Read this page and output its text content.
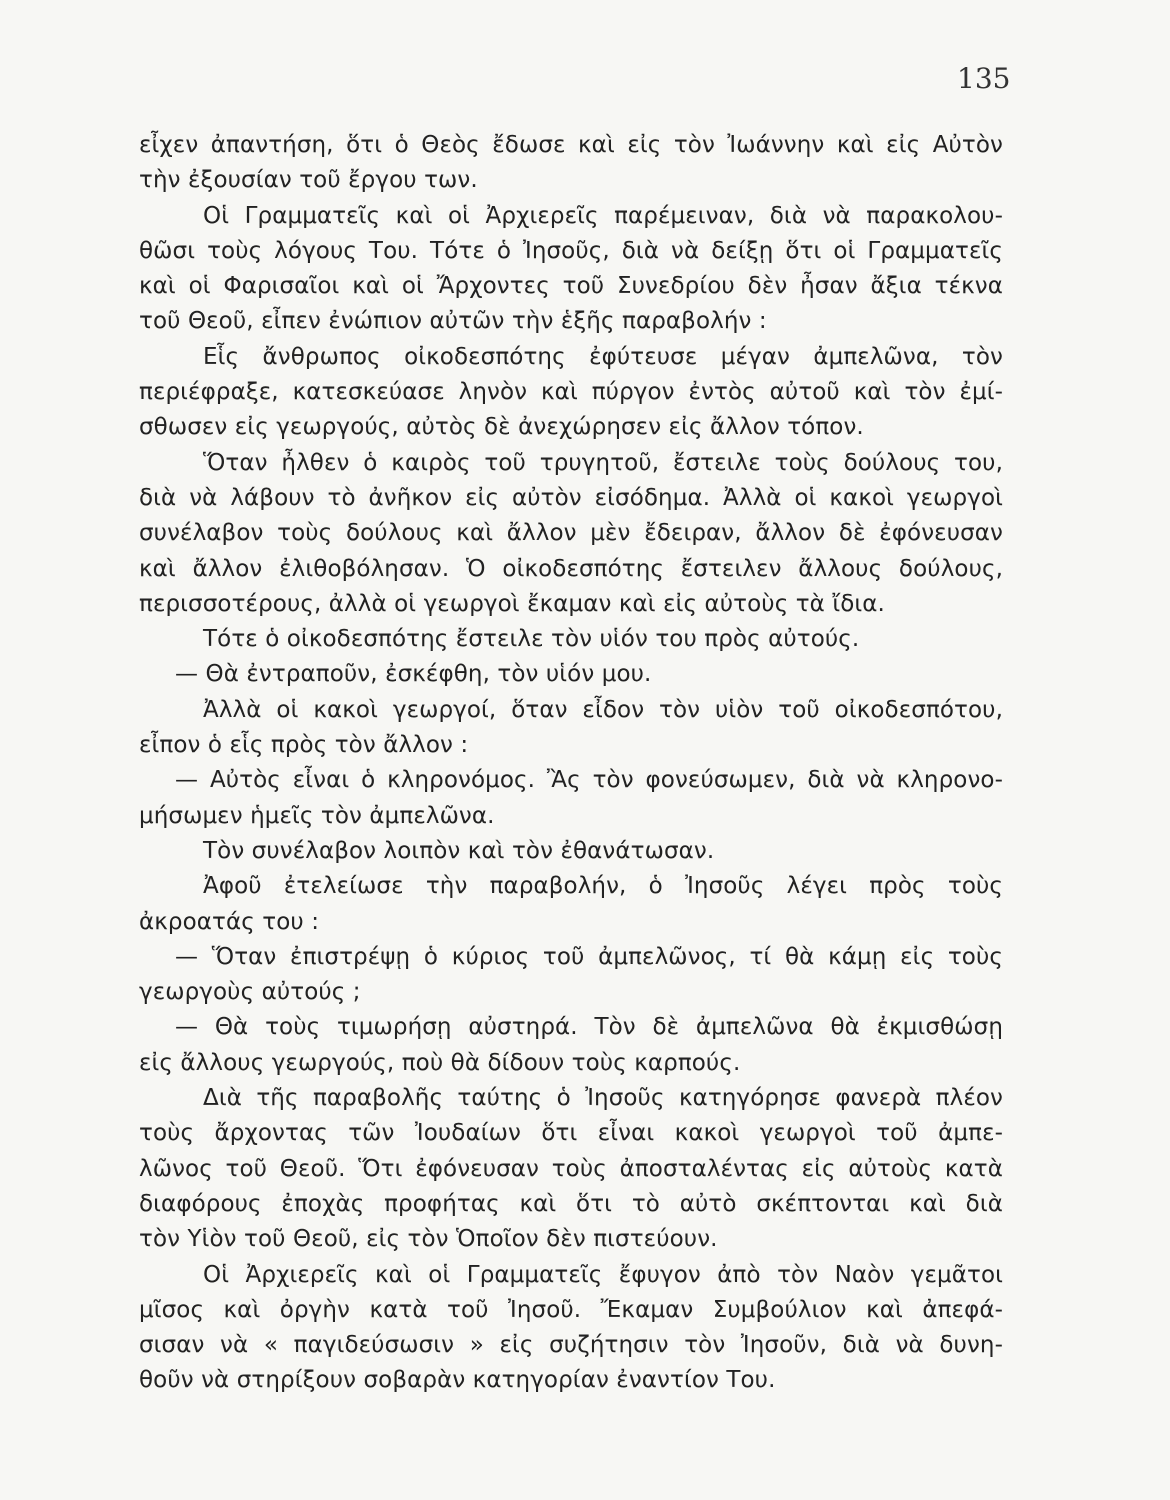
135
εἶχεν ἀπαντήση, ὅτι ὁ Θεὸς ἔδωσε καὶ εἰς τὸν Ἰωάννην καὶ εἰς Αὐτὸν
τὴν ἐξουσίαν τοῦ ἔργου των.
Οἱ Γραμματεῖς καὶ οἱ Ἀρχιερεῖς παρέμειναν, διὰ νὰ παρακολου-
θῶσι τοὺς λόγους Του. Τότε ὁ Ἰησοῦς, διὰ νὰ δείξῃ ὅτι οἱ Γραμματεῖς
καὶ οἱ Φαρισαῖοι καὶ οἱ Ἄρχοντες τοῦ Συνεδρίου δὲν ἦσαν ἄξια τέκνα
τοῦ Θεοῦ, εἶπεν ἐνώπιον αὐτῶν τὴν ἑξῆς παραβολήν :
Εἷς ἄνθρωπος οἰκοδεσπότης ἐφύτευσε μέγαν ἀμπελῶνα, τὸν
περιέφραξε, κατεσκεύασε ληνὸν καὶ πύργον ἐντὸς αὐτοῦ καὶ τὸν ἐμί-
σθωσεν εἰς γεωργούς, αὐτὸς δὲ ἀνεχώρησεν εἰς ἄλλον τόπον.
Ὅταν ἦλθεν ὁ καιρὸς τοῦ τρυγητοῦ, ἔστειλε τοὺς δούλους του,
διὰ νὰ λάβουν τὸ ἀνῆκον εἰς αὐτὸν εἰσόδημα. Ἀλλὰ οἱ κακοὶ γεωργοὶ
συνέλαβον τοὺς δούλους καὶ ἄλλον μὲν ἔδειραν, ἄλλον δὲ ἐφόνευσαν
καὶ ἄλλον ἐλιθοβόλησαν. Ὁ οἰκοδεσπότης ἔστειλεν ἄλλους δούλους,
περισσοτέρους, ἀλλὰ οἱ γεωργοὶ ἔκαμαν καὶ εἰς αὐτοὺς τὰ ἴδια.
Τότε ὁ οἰκοδεσπότης ἔστειλε τὸν υἱόν του πρὸς αὐτούς.
— Θὰ ἐντραποῦν, ἐσκέφθη, τὸν υἱόν μου.
Ἀλλὰ οἱ κακοὶ γεωργοί, ὅταν εἶδον τὸν υἱὸν τοῦ οἰκοδεσπότου,
εἶπον ὁ εἷς πρὸς τὸν ἄλλον :
— Αὐτὸς εἶναι ὁ κληρονόμος. Ἂς τὸν φονεύσωμεν, διὰ νὰ κληρονο-
μήσωμεν ἡμεῖς τὸν ἀμπελῶνα.
Τὸν συνέλαβον λοιπὸν καὶ τὸν ἐθανάτωσαν.
Ἀφοῦ ἐτελείωσε τὴν παραβολήν, ὁ Ἰησοῦς λέγει πρὸς τοὺς
ἀκροατάς του :
— Ὅταν ἐπιστρέψῃ ὁ κύριος τοῦ ἀμπελῶνος, τί θὰ κάμῃ εἰς τοὺς
γεωργοὺς αὐτούς ;
— Θὰ τοὺς τιμωρήσῃ αὐστηρά. Τὸν δὲ ἀμπελῶνα θὰ ἐκμισθώσῃ
εἰς ἄλλους γεωργούς, ποὺ θὰ δίδουν τοὺς καρπούς.
Διὰ τῆς παραβολῆς ταύτης ὁ Ἰησοῦς κατηγόρησε φανερὰ πλέον
τοὺς ἄρχοντας τῶν Ἰουδαίων ὅτι εἶναι κακοὶ γεωργοὶ τοῦ ἀμπε-
λῶνος τοῦ Θεοῦ. Ὅτι ἐφόνευσαν τοὺς ἀποσταλέντας εἰς αὐτοὺς κατὰ
διαφόρους ἐποχὰς προφήτας καὶ ὅτι τὸ αὐτὸ σκέπτονται καὶ διὰ
τὸν Υἱὸν τοῦ Θεοῦ, εἰς τὸν Ὁποῖον δὲν πιστεύουν.
Οἱ Ἀρχιερεῖς καὶ οἱ Γραμματεῖς ἔφυγον ἀπὸ τὸν Ναὸν γεμᾶτοι
μῖσος καὶ ὀργὴν κατὰ τοῦ Ἰησοῦ. Ἔκαμαν Συμβούλιον καὶ ἀπεφά-
σισαν νὰ « παγιδεύσωσιν » εἰς συζήτησιν τὸν Ἰησοῦν, διὰ νὰ δυνη-
θοῦν νὰ στηρίξουν σοβαρὰν κατηγορίαν ἐναντίον Του.
